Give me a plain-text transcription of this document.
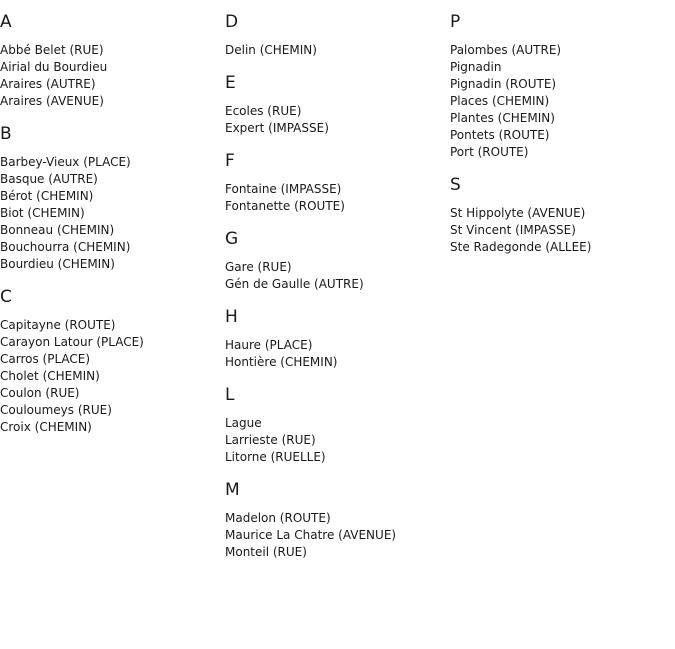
A
Abbé Belet (RUE)
Airial du Bourdieu
Araires (AUTRE)
Araires (AVENUE)
B
Barbey-Vieux (PLACE)
Basque (AUTRE)
Bérot (CHEMIN)
Biot (CHEMIN)
Bonneau (CHEMIN)
Bouchourra (CHEMIN)
Bourdieu (CHEMIN)
C
Capitayne (ROUTE)
Carayon Latour (PLACE)
Carros (PLACE)
Cholet (CHEMIN)
Coulon (RUE)
Couloumeys (RUE)
Croix (CHEMIN)
D
Delin (CHEMIN)
E
Ecoles (RUE)
Expert (IMPASSE)
F
Fontaine (IMPASSE)
Fontanette (ROUTE)
G
Gare (RUE)
Gén de Gaulle (AUTRE)
H
Haure (PLACE)
Hontière (CHEMIN)
L
Lague
Larrieste (RUE)
Litorne (RUELLE)
M
Madelon (ROUTE)
Maurice La Chatre (AVENUE)
Monteil (RUE)
P
Palombes (AUTRE)
Pignadin
Pignadin (ROUTE)
Places (CHEMIN)
Plantes (CHEMIN)
Pontets (ROUTE)
Port (ROUTE)
S
St Hippolyte (AVENUE)
St Vincent (IMPASSE)
Ste Radegonde (ALLEE)
